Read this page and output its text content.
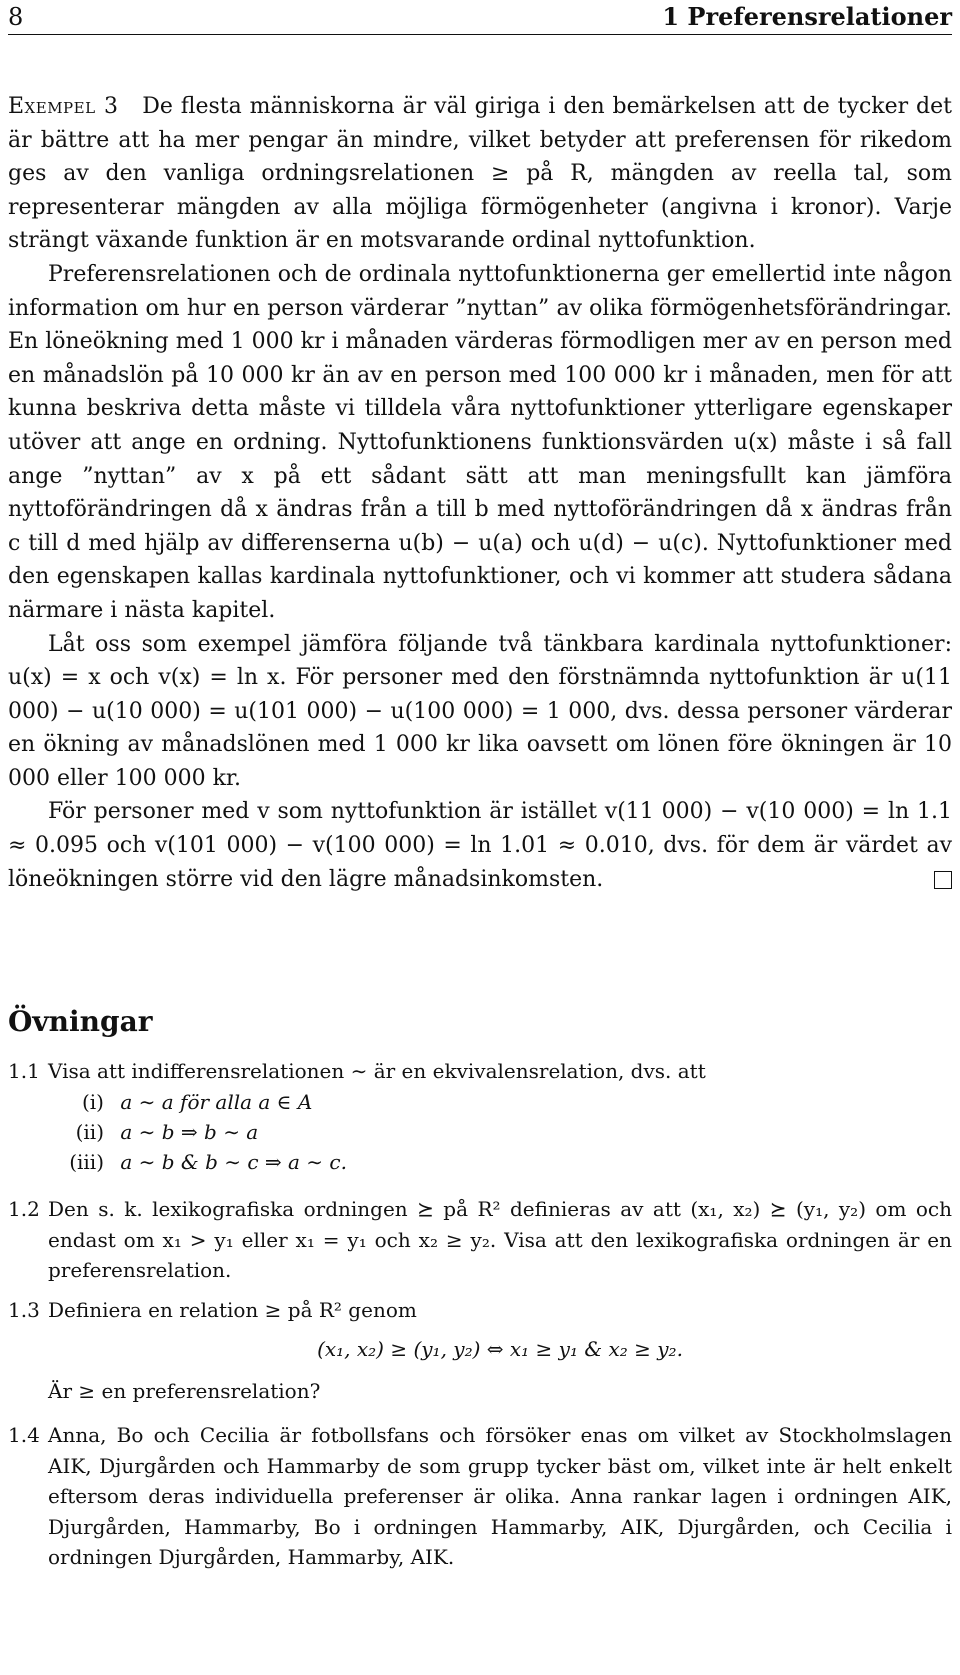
8	1 Preferensrelationer

Exempel 3 De flesta människorna är väl giriga i den bemärkelsen att de tycker det är bättre att ha mer pengar än mindre, vilket betyder att preferensen för rikedom ges av den vanliga ordningsrelationen ≥ på R, mängden av reella tal, som representerar mängden av alla möjliga förmögenheter (angivna i kronor). Varje strängt växande funktion är en motsvarande ordinal nyttofunktion.

Preferensrelationen och de ordinala nyttofunktionerna ger emellertid inte någon information om hur en person värderar ”nyttan” av olika förmögenhetsförändringar. En löneökning med 1 000 kr i månaden värderas förmodligen mer av en person med en månadslön på 10 000 kr än av en person med 100 000 kr i månaden, men för att kunna beskriva detta måste vi tilldela våra nyttofunktioner ytterligare egenskaper utöver att ange en ordning. Nyttofunktionens funktionsvärden u(x) måste i så fall ange ”nyttan” av x på ett sådant sätt att man meningsfullt kan jämföra nyttoförändringen då x ändras från a till b med nyttoförändringen då x ändras från c till d med hjälp av differenserna u(b) − u(a) och u(d) − u(c). Nyttofunktioner med den egenskapen kallas kardinala nyttofunktioner, och vi kommer att studera sådana närmare i nästa kapitel.

Låt oss som exempel jämföra följande två tänkbara kardinala nyttofunktioner: u(x) = x och v(x) = ln x. För personer med den förstnämnda nyttofunktion är u(11 000) − u(10 000) = u(101 000) − u(100 000) = 1 000, dvs. dessa personer värderar en ökning av månadslönen med 1 000 kr lika oavsett om lönen före ökningen är 10 000 eller 100 000 kr.

För personer med v som nyttofunktion är istället v(11 000) − v(10 000) = ln 1.1 ≈ 0.095 och v(101 000) − v(100 000) = ln 1.01 ≈ 0.010, dvs. för dem är värdet av löneökningen större vid den lägre månadsinkomsten.

Övningar
1.1 Visa att indifferensrelationen ∼ är en ekvivalensrelation, dvs. att
(i) a ∼ a för alla a ∈ A
(ii) a ∼ b ⇒ b ∼ a
(iii) a ∼ b & b ∼ c ⇒ a ∼ c.
1.2 Den s. k. lexikografiska ordningen ⪰ på R² definieras av att (x₁, x₂) ⪰ (y₁, y₂) om och endast om x₁ > y₁ eller x₁ = y₁ och x₂ ≥ y₂. Visa att den lexikografiska ordningen är en preferensrelation.
1.3 Definiera en relation ≥ på R² genom
(x₁, x₂) ≥ (y₁, y₂) ⇔ x₁ ≥ y₁ & x₂ ≥ y₂.
Är ≥ en preferensrelation?
1.4 Anna, Bo och Cecilia är fotbollsfans och försöker enas om vilket av Stockholmslagen AIK, Djurgården och Hammarby de som grupp tycker bäst om, vilket inte är helt enkelt eftersom deras individuella preferenser är olika. Anna rankar lagen i ordningen AIK, Djurgården, Hammarby, Bo i ordningen Hammarby, AIK, Djurgården, och Cecilia i ordningen Djurgården, Hammarby, AIK.
